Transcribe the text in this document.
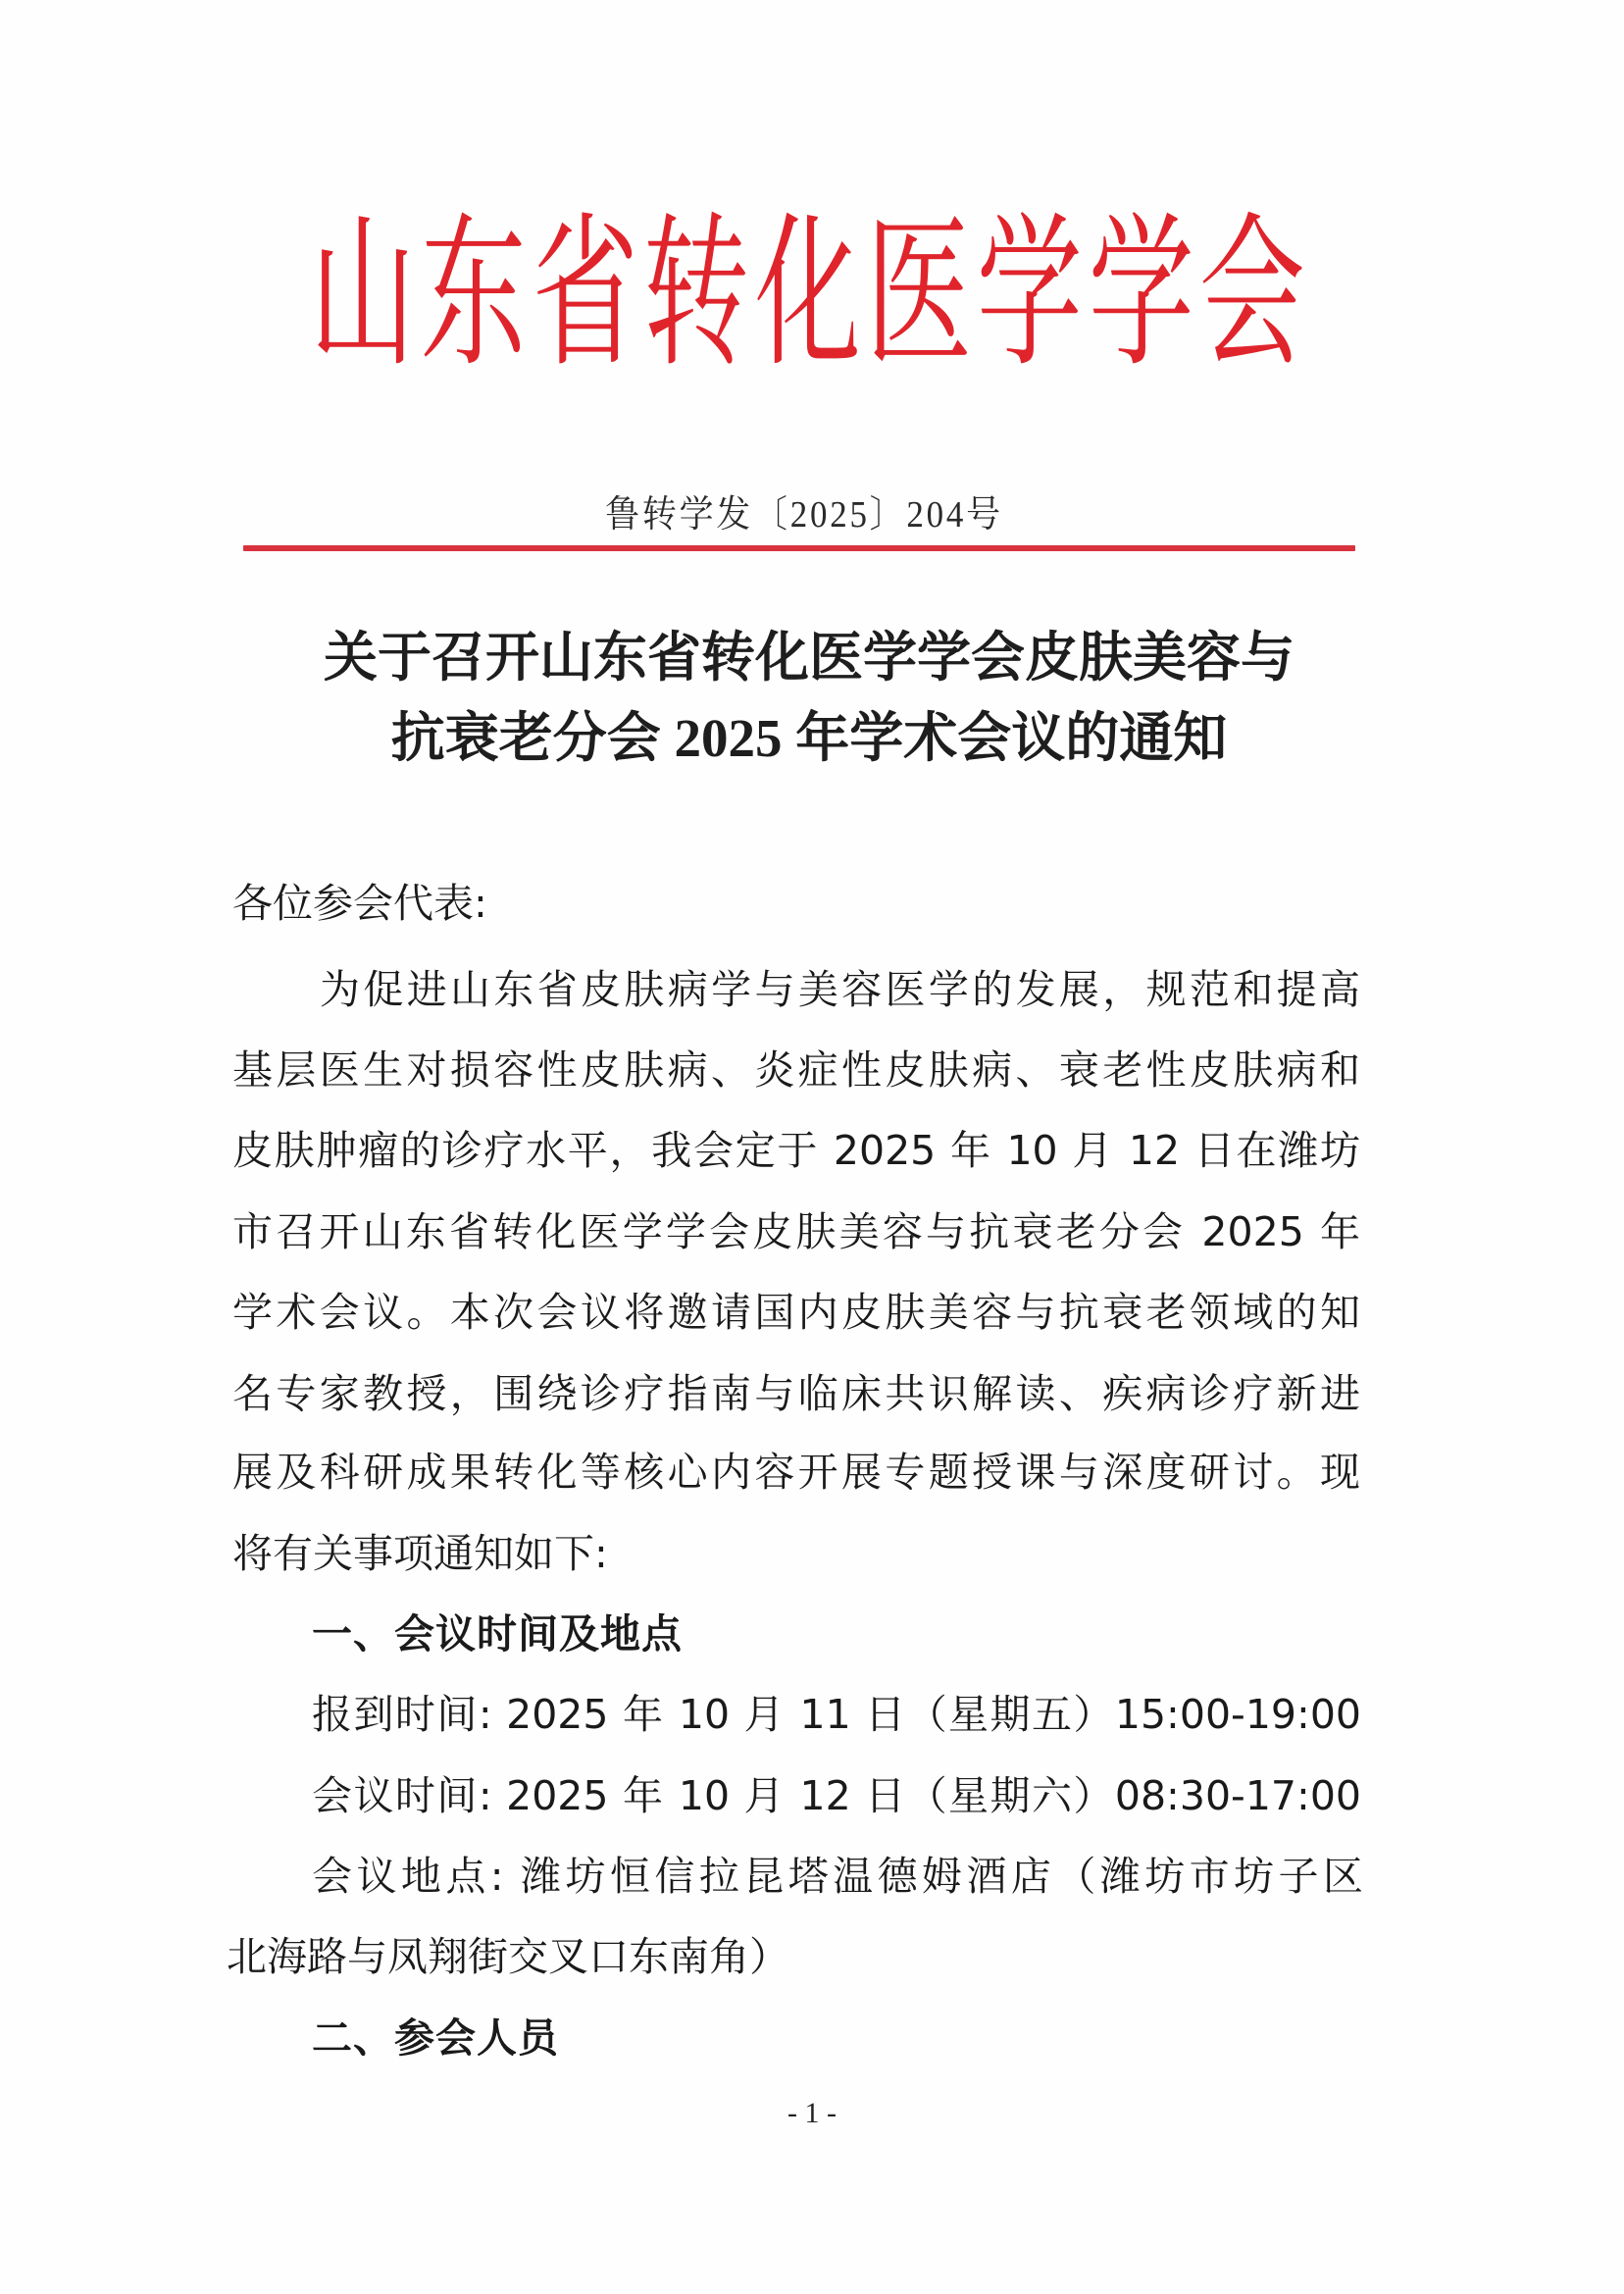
山 东 省 转 化 医 学 学 会
鲁转学发〔2025〕204号
关于召开山东省转化医学学会皮肤美容与
抗衰老分会 2025 年学术会议的通知
各位参会代表:
为促进山东省皮肤病学与美容医学的发展，规范和提高
基层医生对损容性皮肤病、炎症性皮肤病、衰老性皮肤病和
皮肤肿瘤的诊疗水平，我会定于 2025 年 10 月 12 日在潍坊
市召开山东省转化医学学会皮肤美容与抗衰老分会 2025 年
学术会议。本次会议将邀请国内皮肤美容与抗衰老领域的知
名专家教授，围绕诊疗指南与临床共识解读、疾病诊疗新进
展及科研成果转化等核心内容开展专题授课与深度研讨。现
将有关事项通知如下:
一、会议时间及地点
报到时间: 2025 年 10 月 11 日（星期五）15:00-19:00
会议时间: 2025 年 10 月 12 日（星期六）08:30-17:00
会议地点: 潍坊恒信拉昆塔温德姆酒店（潍坊市坊子区
北海路与凤翔街交叉口东南角）
二、参会人员
- 1 -
